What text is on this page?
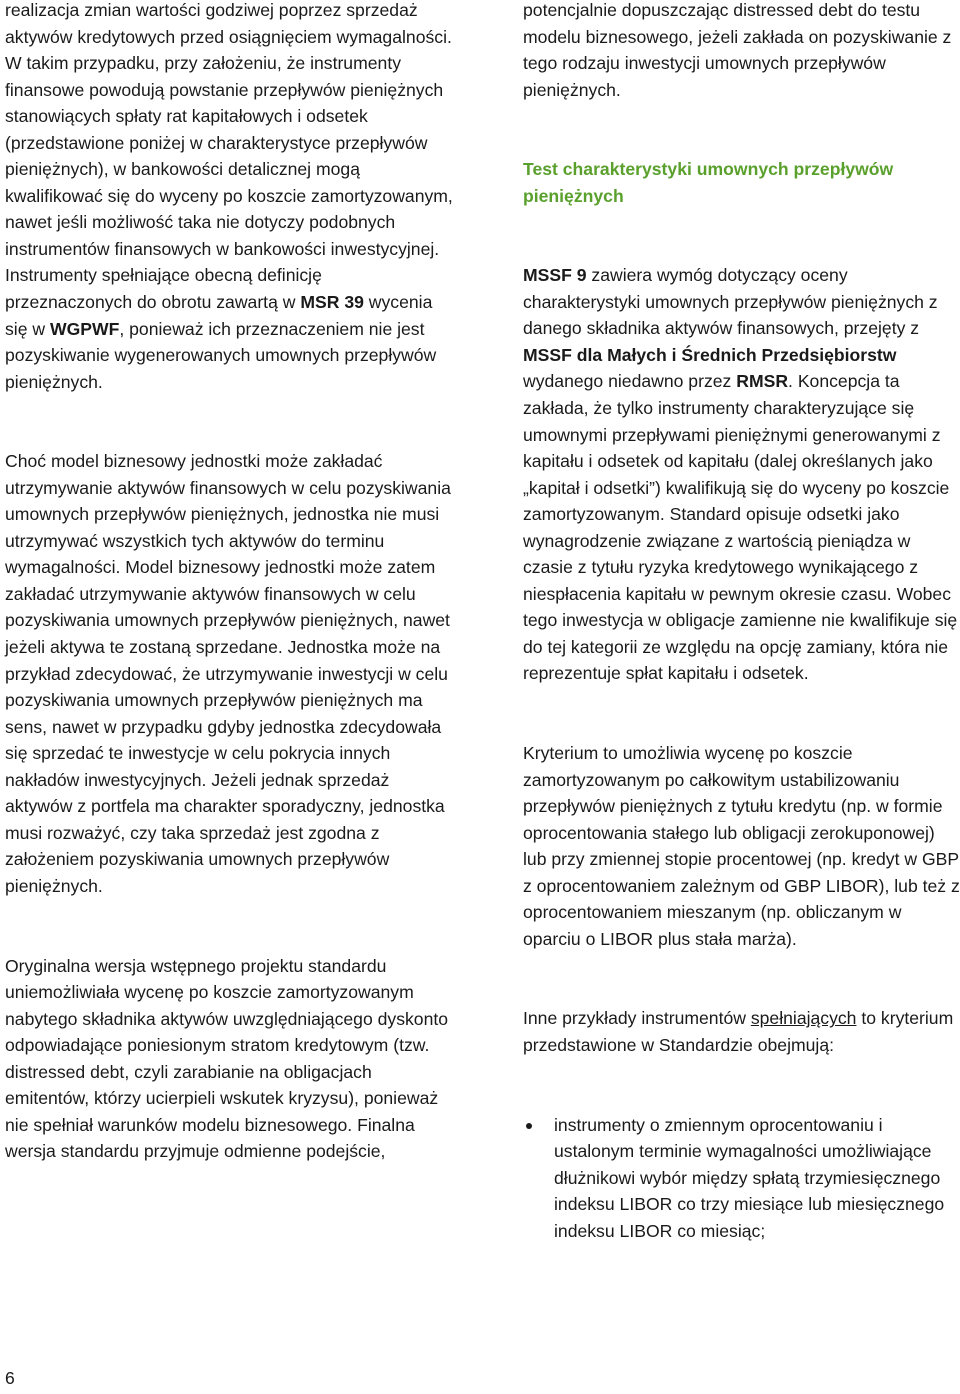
realizacja zmian wartości godziwej poprzez sprzedaż aktywów kredytowych przed osiągnięciem wymagalności. W takim przypadku, przy założeniu, że instrumenty finansowe powodują powstanie przepływów pieniężnych stanowiących spłaty rat kapitałowych i odsetek (przedstawione poniżej w charakterystyce przepływów pieniężnych), w bankowości detalicznej mogą kwalifikować się do wyceny po koszcie zamortyzowanym, nawet jeśli możliwość taka nie dotyczy podobnych instrumentów finansowych w bankowości inwestycyjnej. Instrumenty spełniające obecną definicję przeznaczonych do obrotu zawartą w MSR 39 wycenia się w WGPWF, ponieważ ich przeznaczeniem nie jest pozyskiwanie wygenerowanych umownych przepływów pieniężnych.

Choć model biznesowy jednostki może zakładać utrzymywanie aktywów finansowych w celu pozyskiwania umownych przepływów pieniężnych, jednostka nie musi utrzymywać wszystkich tych aktywów do terminu wymagalności. Model biznesowy jednostki może zatem zakładać utrzymywanie aktywów finansowych w celu pozyskiwania umownych przepływów pieniężnych, nawet jeżeli aktywa te zostaną sprzedane. Jednostka może na przykład zdecydować, że utrzymywanie inwestycji w celu pozyskiwania umownych przepływów pieniężnych ma sens, nawet w przypadku gdyby jednostka zdecydowała się sprzedać te inwestycje w celu pokrycia innych nakładów inwestycyjnych. Jeżeli jednak sprzedaż aktywów z portfela ma charakter sporadyczny, jednostka musi rozważyć, czy taka sprzedaż jest zgodna z założeniem pozyskiwania umownych przepływów pieniężnych.

Oryginalna wersja wstępnego projektu standardu uniemożliwiała wycenę po koszcie zamortyzowanym nabytego składnika aktywów uwzględniającego dyskonto odpowiadające poniesionym stratom kredytowym (tzw. distressed debt, czyli zarabianie na obligacjach emitentów, którzy ucierpieli wskutek kryzysu), ponieważ nie spełniał warunków modelu biznesowego. Finalna wersja standardu przyjmuje odmienne podejście,

potencjalnie dopuszczając distressed debt do testu modelu biznesowego, jeżeli zakłada on pozyskiwanie z tego rodzaju inwestycji umownych przepływów pieniężnych.

Test charakterystyki umownych przepływów pieniężnych

MSSF 9 zawiera wymóg dotyczący oceny charakterystyki umownych przepływów pieniężnych z danego składnika aktywów finansowych, przejęty z MSSF dla Małych i Średnich Przedsiębiorstw wydanego niedawno przez RMSR. Koncepcja ta zakłada, że tylko instrumenty charakteryzujące się umownymi przepływami pieniężnymi generowanymi z kapitału i odsetek od kapitału (dalej określanych jako „kapitał i odsetki”) kwalifikują się do wyceny po koszcie zamortyzowanym. Standard opisuje odsetki jako wynagrodzenie związane z wartością pieniądza w czasie z tytułu ryzyka kredytowego wynikającego z niespłacenia kapitału w pewnym okresie czasu. Wobec tego inwestycja w obligacje zamienne nie kwalifikuje się do tej kategorii ze względu na opcję zamiany, która nie reprezentuje spłat kapitału i odsetek.

Kryterium to umożliwia wycenę po koszcie zamortyzowanym po całkowitym ustabilizowaniu przepływów pieniężnych z tytułu kredytu (np. w formie oprocentowania stałego lub obligacji zerokuponowej) lub przy zmiennej stopie procentowej (np. kredyt w GBP z oprocentowaniem zależnym od GBP LIBOR), lub też z oprocentowaniem mieszanym (np. obliczanym w oparciu o LIBOR plus stała marża).

Inne przykłady instrumentów spełniających to kryterium przedstawione w Standardzie obejmują:

instrumenty o zmiennym oprocentowaniu i ustalonym terminie wymagalności umożliwiające dłużnikowi wybór między spłatą trzymiesięcznego indeksu LIBOR co trzy miesiące lub miesięcznego indeksu LIBOR co miesiąc;
6
